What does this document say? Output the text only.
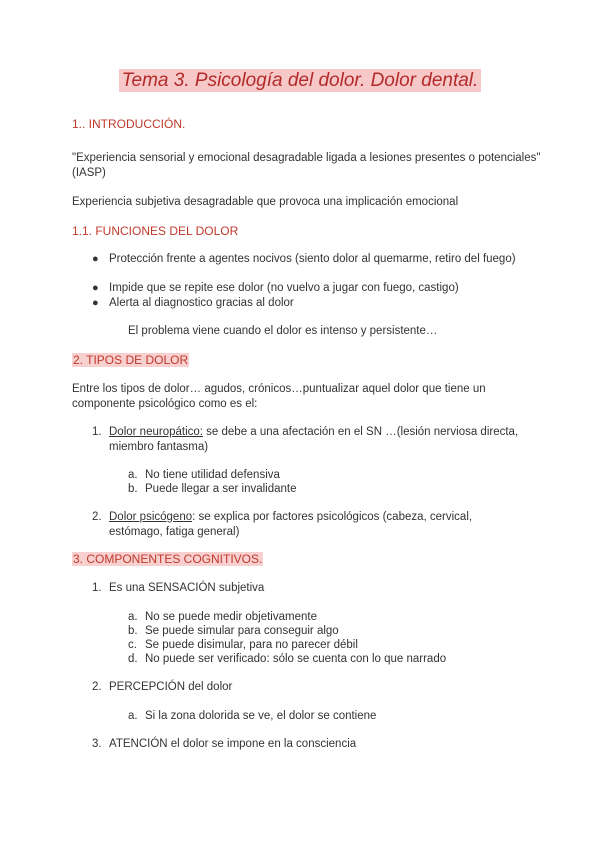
Tema 3. Psicología del dolor. Dolor dental.
1.. INTRODUCCIÓN.
"Experiencia sensorial y emocional desagradable ligada a lesiones presentes o potenciales" (IASP)
Experiencia subjetiva desagradable que provoca una implicación emocional
1.1. FUNCIONES DEL DOLOR
● Protección frente a agentes nocivos (siento dolor al quemarme, retiro del fuego)
● Impide que se repite ese dolor (no vuelvo a jugar con fuego, castigo)
● Alerta al diagnostico gracias al dolor
El problema viene cuando el dolor es intenso y persistente…
2. TIPOS DE DOLOR
Entre los tipos de dolor… agudos, crónicos…puntualizar aquel dolor que tiene un componente psicológico como es el:
1. Dolor neuropático: se debe a una afectación en el SN …(lesión nerviosa directa, miembro fantasma)
a. No tiene utilidad defensiva
b. Puede llegar a ser invalidante
2. Dolor psicógeno: se explica por factores psicológicos (cabeza, cervical, estómago, fatiga general)
3. COMPONENTES COGNITIVOS.
1. Es una SENSACIÓN subjetiva
a. No se puede medir objetivamente
b. Se puede simular para conseguir algo
c. Se puede disimular, para no parecer débil
d. No puede ser verificado: sólo se cuenta con lo que narrado
2. PERCEPCIÓN del dolor
a. Si la zona dolorida se ve, el dolor se contiene
3. ATENCIÓN el dolor se impone en la consciencia
